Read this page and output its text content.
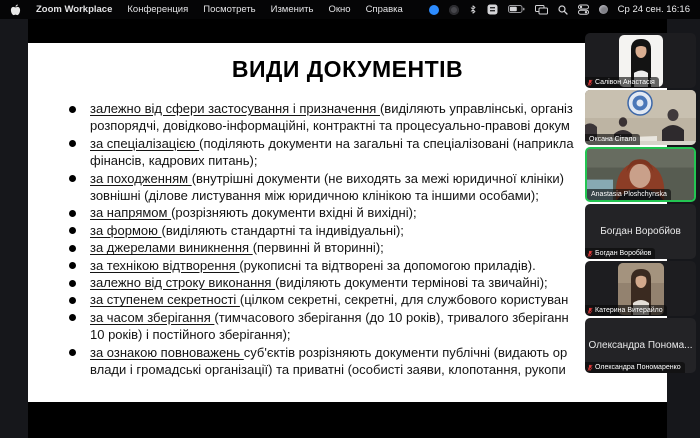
Zoom Workplace Конференция Посмотреть Изменить Окно Справка	Ср 24 сен. 16:16
ВИДИ ДОКУМЕНТІВ
залежно від сфери застосування і призначення (виділяють управлінські, організ
розпорядчі, довідково-інформаційні, контрактні та процесуально-правові докум
за спеціалізацією (поділяють документи на загальні та спеціалізовані (наприкла
фінансів, кадрових питань);
за походженням (внутрішні документи (не виходять за межі юридичної клініки)
зовнішні (ділове листування між юридичною клінікою та іншими особами);
за напрямом (розрізняють документи вхідні й вихідні);
за формою (виділяють стандартні та індивідуальні);
за джерелами виникнення (первинні й вторинні);
за технікою відтворення (рукописні та відтворені за допомогою приладів).
залежно від строку виконання (виділяють документи термінові та звичайні);
за ступенем секретності (цілком секретні, секретні, для службового користуван
за часом зберігання (тимчасового зберігання (до 10 років), тривалого зберіганн
10 років) і постійного зберігання);
за ознакою повноважень суб'єктів розрізняють документи публічні (видають ор
влади і громадські організації) та приватні (особисті заяви, клопотання, рукопи
Салівон Анастасія
Оксана Сітало
Anastasia Ploshchynska
Богдан Воробйов
Богдан Воробйов
Катерина Витерайло
Олександра Понома...
Олександра Пономаренко
